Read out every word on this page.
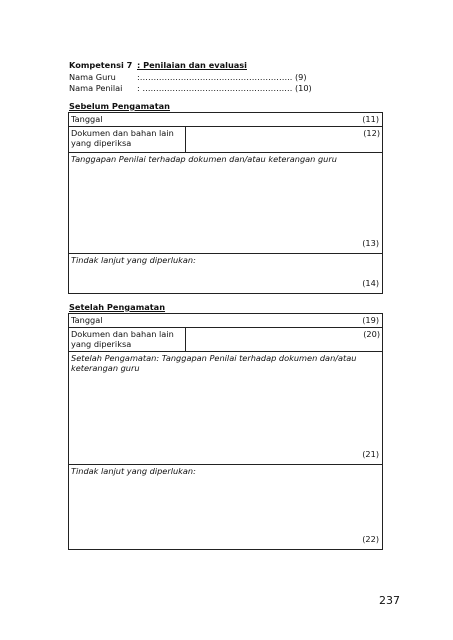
Kompetensi 7 : Penilaian dan evaluasi
Nama Guru	:……………………………………………….. (9)
Nama Penilai : ………………………………………………. (10)
Sebelum Pengamatan
Tanggal	(11)

Dokumen dan bahan lain
yang diperiksa
	(12)
Tanggapan Penilai terhadap dokumen dan/atau keterangan guru
(13)

Tindak lanjut yang diperlukan:
(14)
Setelah Pengamatan
Tanggal	(19)

Dokumen dan bahan lain
yang diperiksa
	(20)
Setelah Pengamatan: Tanggapan Penilai terhadap dokumen dan/atau keterangan guru
(21)

Tindak lanjut yang diperlukan:
(22)
237
